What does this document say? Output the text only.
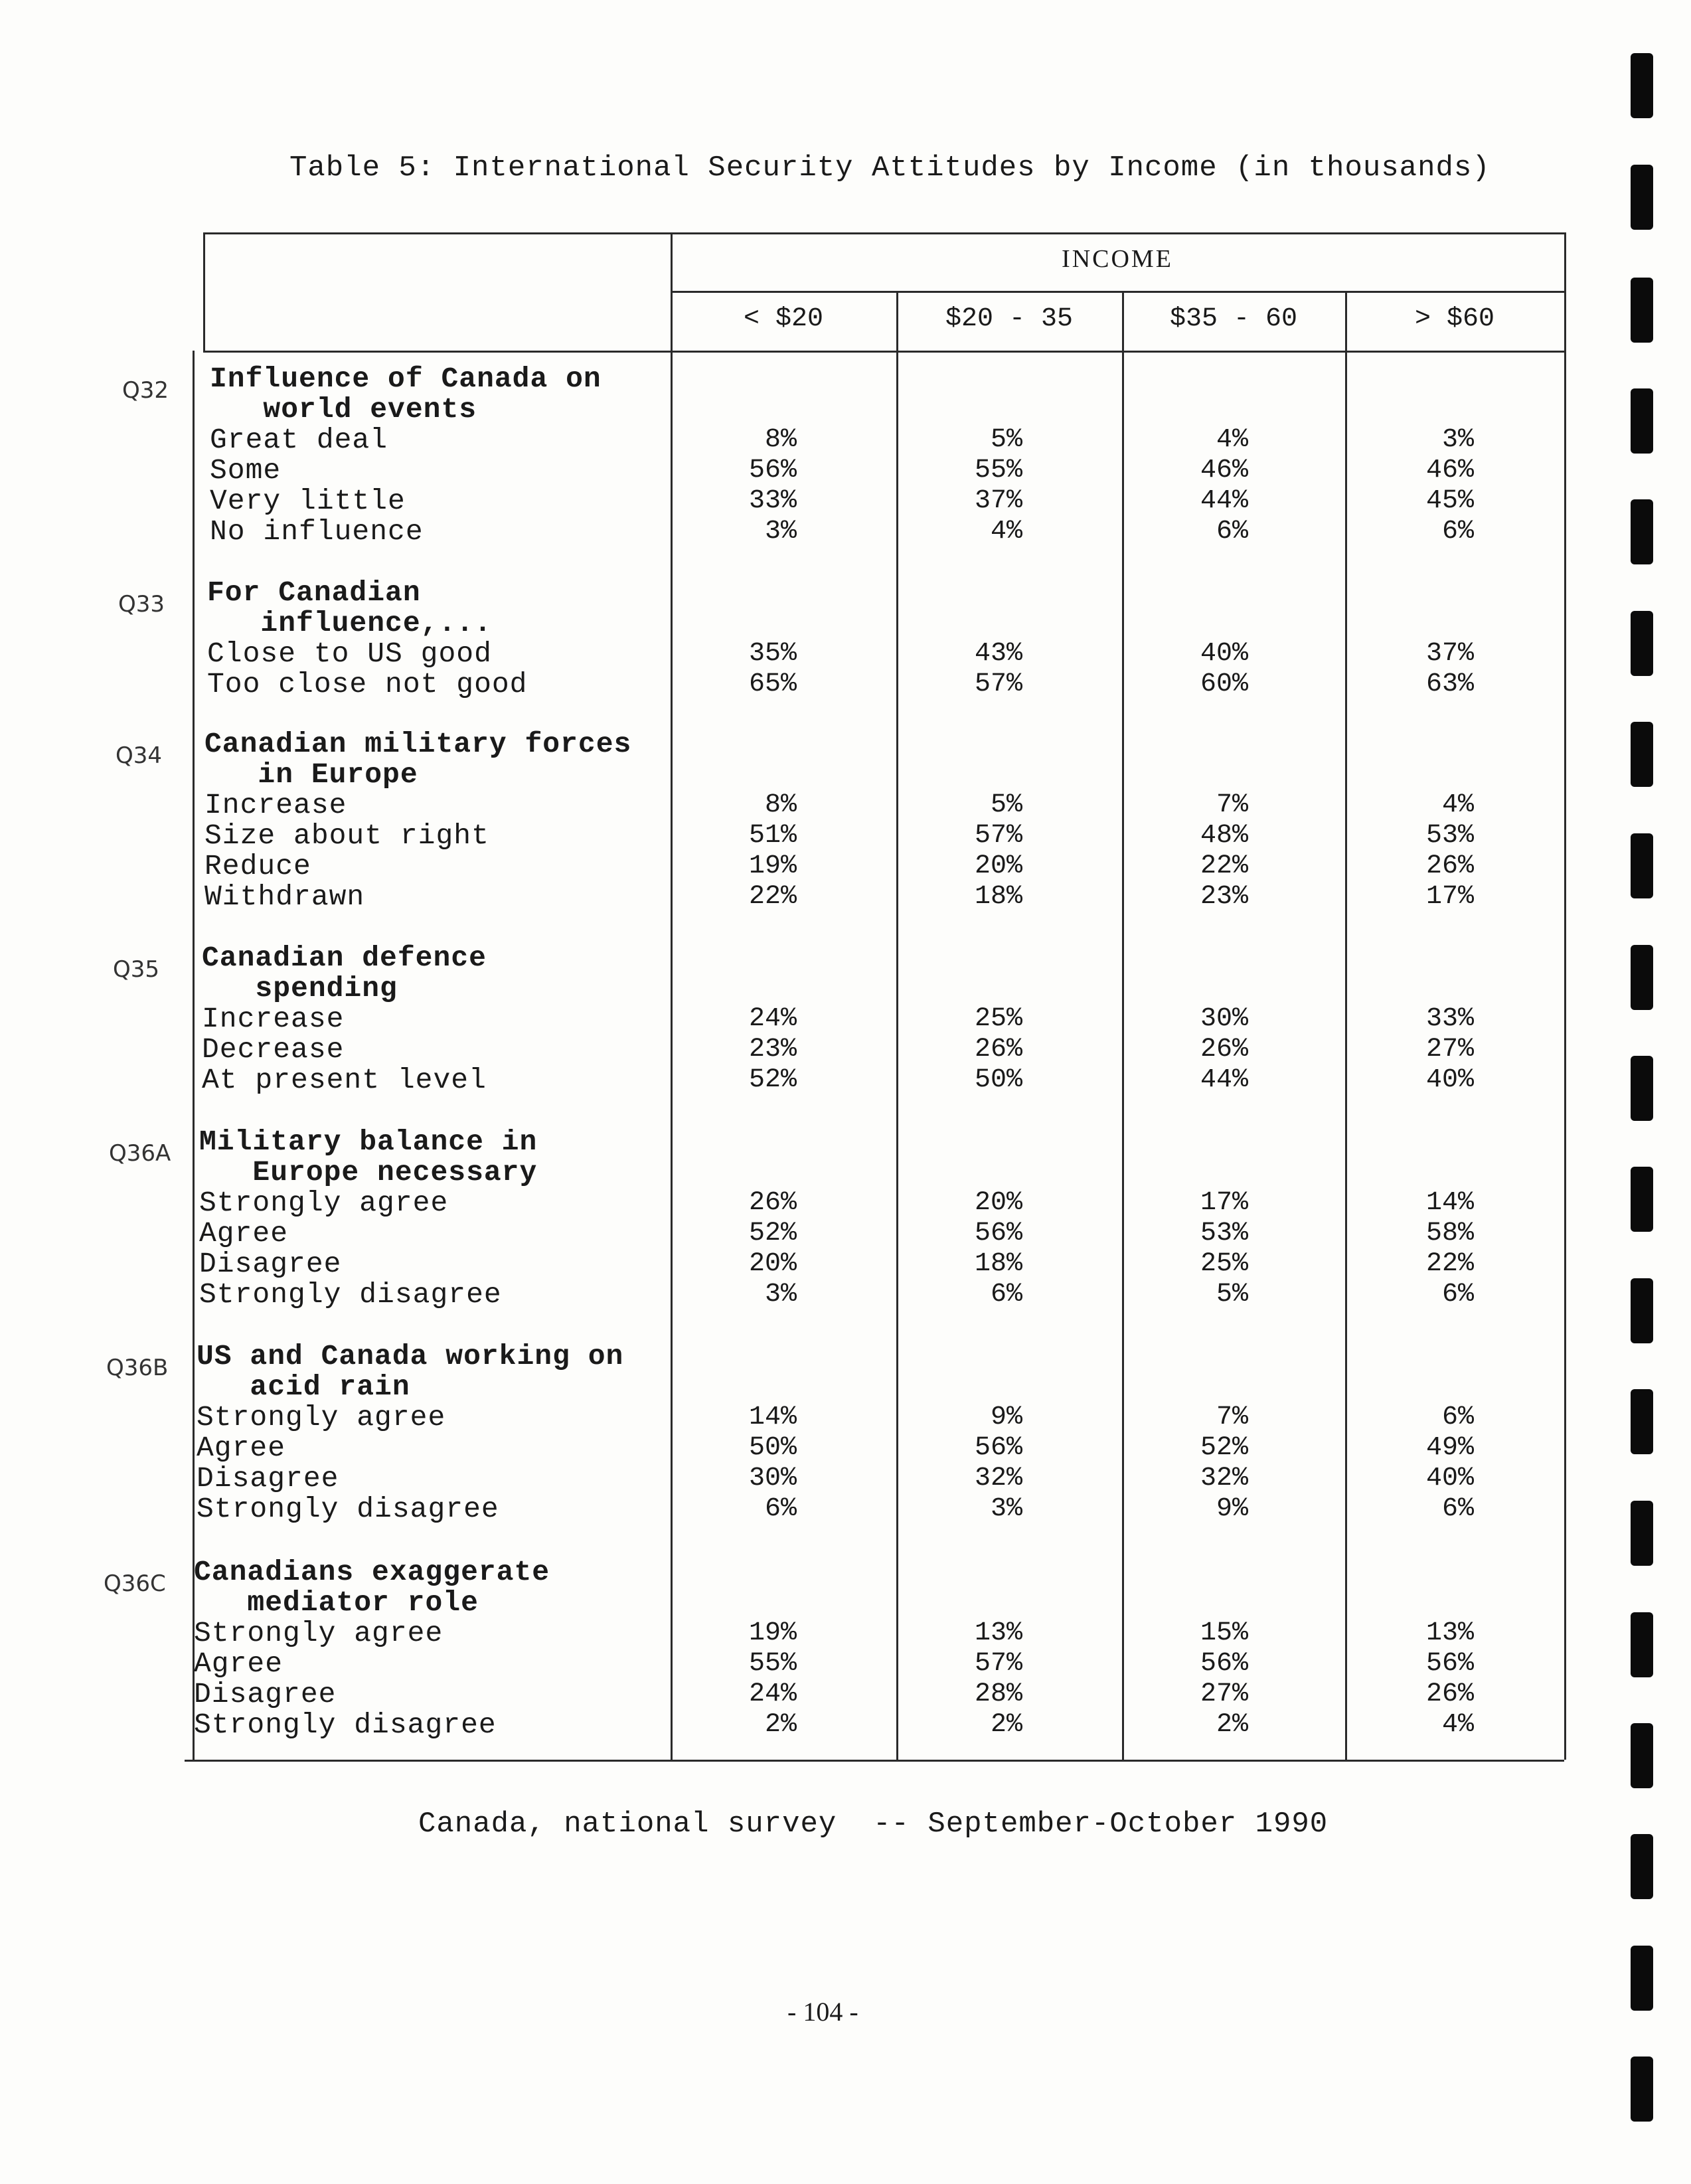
Table 5: International Security Attitudes by Income (in thousands)
INCOME
< $20	$20 - 35	$35 - 60	> $60
Q32 Influence of Canada on
world events
Great deal	8%	5%	4%	3%
Some	56%	55%	46%	46%
Very little	33%	37%	44%	45%
No influence	3%	4%	6%	6%
Q33 For Canadian
influence,...
Close to US good	35%	43%	40%	37%
Too close not good	65%	57%	60%	63%
Q34 Canadian military forces
in Europe
Increase	8%	5%	7%	4%
Size about right	51%	57%	48%	53%
Reduce	19%	20%	22%	26%
Withdrawn	22%	18%	23%	17%
Q35 Canadian defence
spending
Increase	24%	25%	30%	33%
Decrease	23%	26%	26%	27%
At present level	52%	50%	44%	40%
Q36A Military balance in
Europe necessary
Strongly agree	26%	20%	17%	14%
Agree	52%	56%	53%	58%
Disagree	20%	18%	25%	22%
Strongly disagree	3%	6%	5%	6%
Q36B US and Canada working on
acid rain
Strongly agree	14%	9%	7%	6%
Agree	50%	56%	52%	49%
Disagree	30%	32%	32%	40%
Strongly disagree	6%	3%	9%	6%
Q36C Canadians exaggerate
mediator role
Strongly agree	19%	13%	15%	13%
Agree	55%	57%	56%	56%
Disagree	24%	28%	27%	26%
Strongly disagree	2%	2%	2%	4%
Canada, national survey  -- September-October 1990
- 104 -
